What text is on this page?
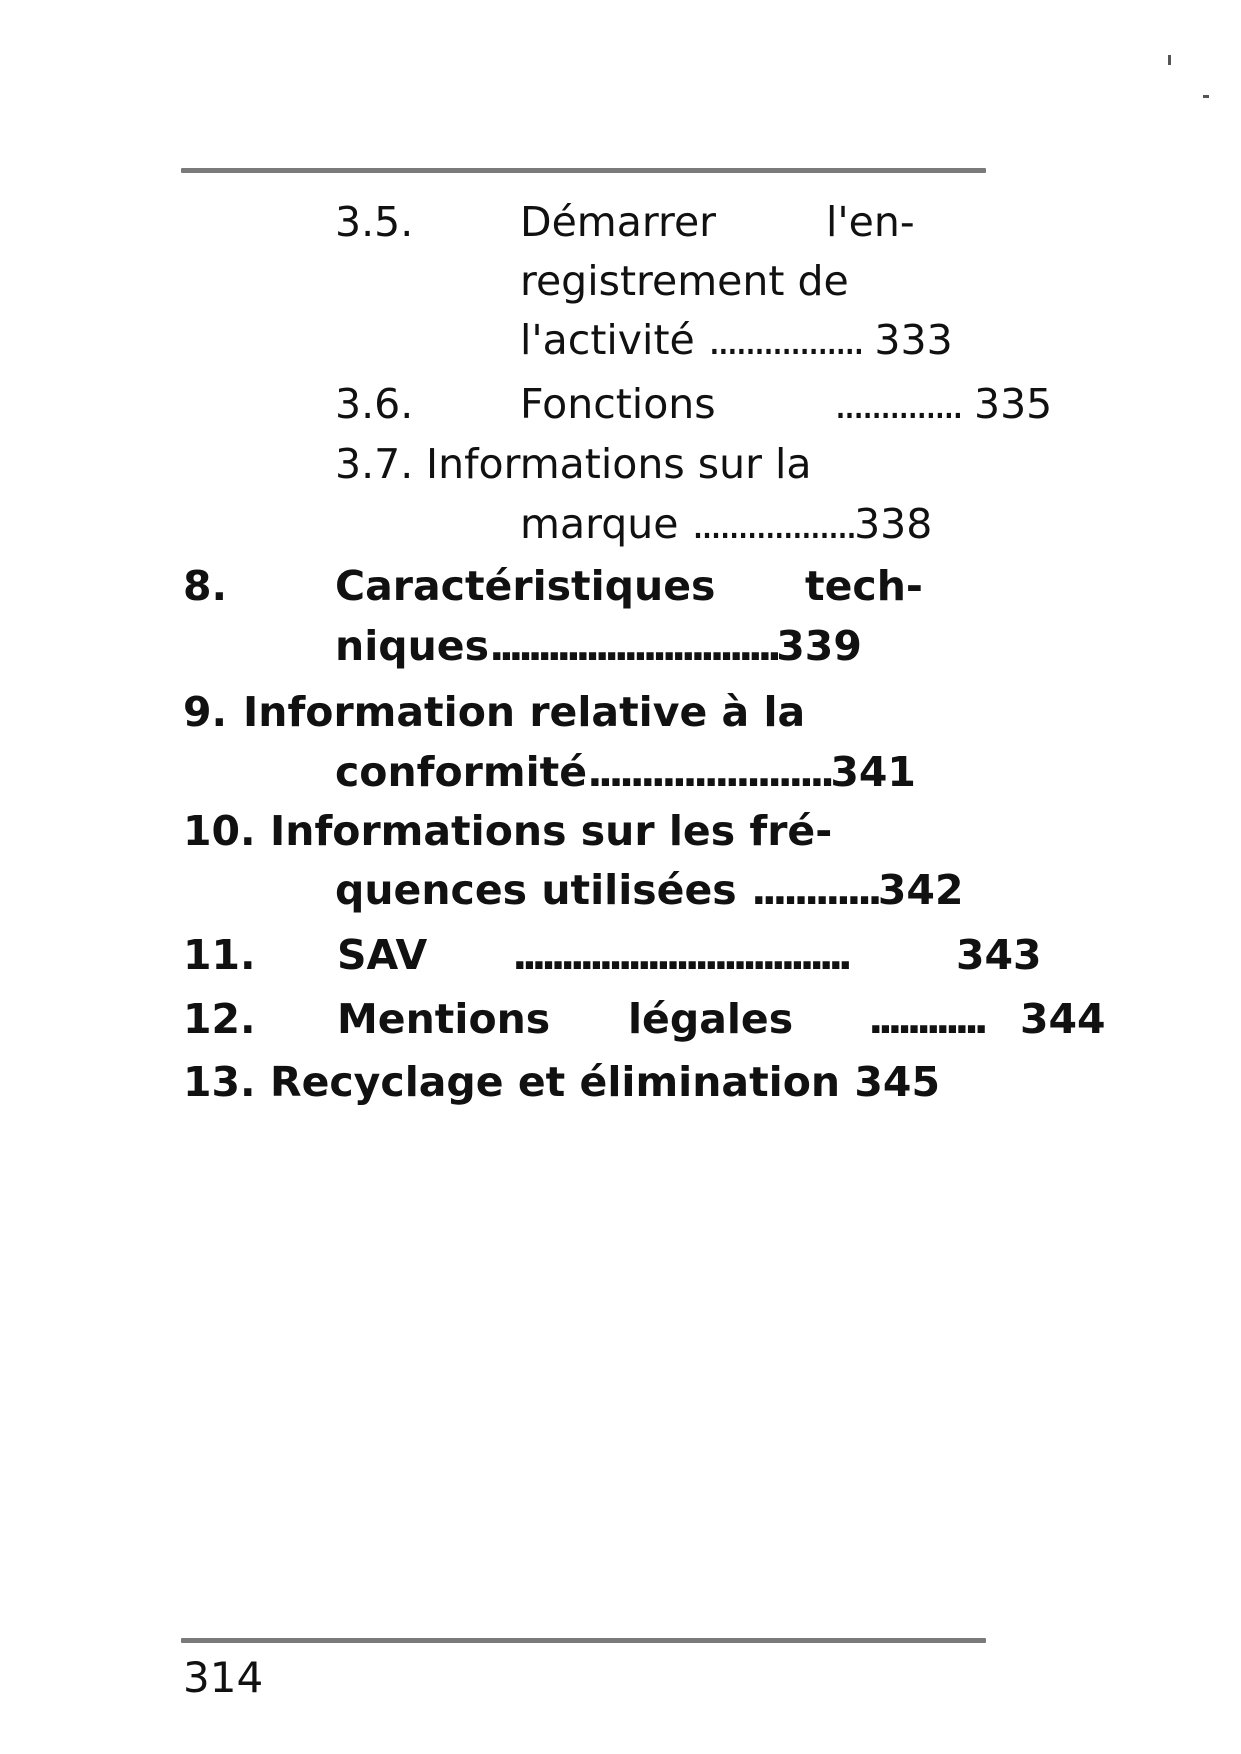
3.5.	Démarrer	l'en-
registrement de
l'activité ................. 333
3.6.	Fonctions	.............. 335
3.7. Informations sur la
marque ..................338
8.	Caractéristiques tech-
niques..............................339
9. Information relative à la
conformité.......................341
10. Informations sur les fré-
quences utilisées ............342
11. SAV ...................................	343
12. Mentions légales ............ 344
13. Recyclage et élimination 345
314
